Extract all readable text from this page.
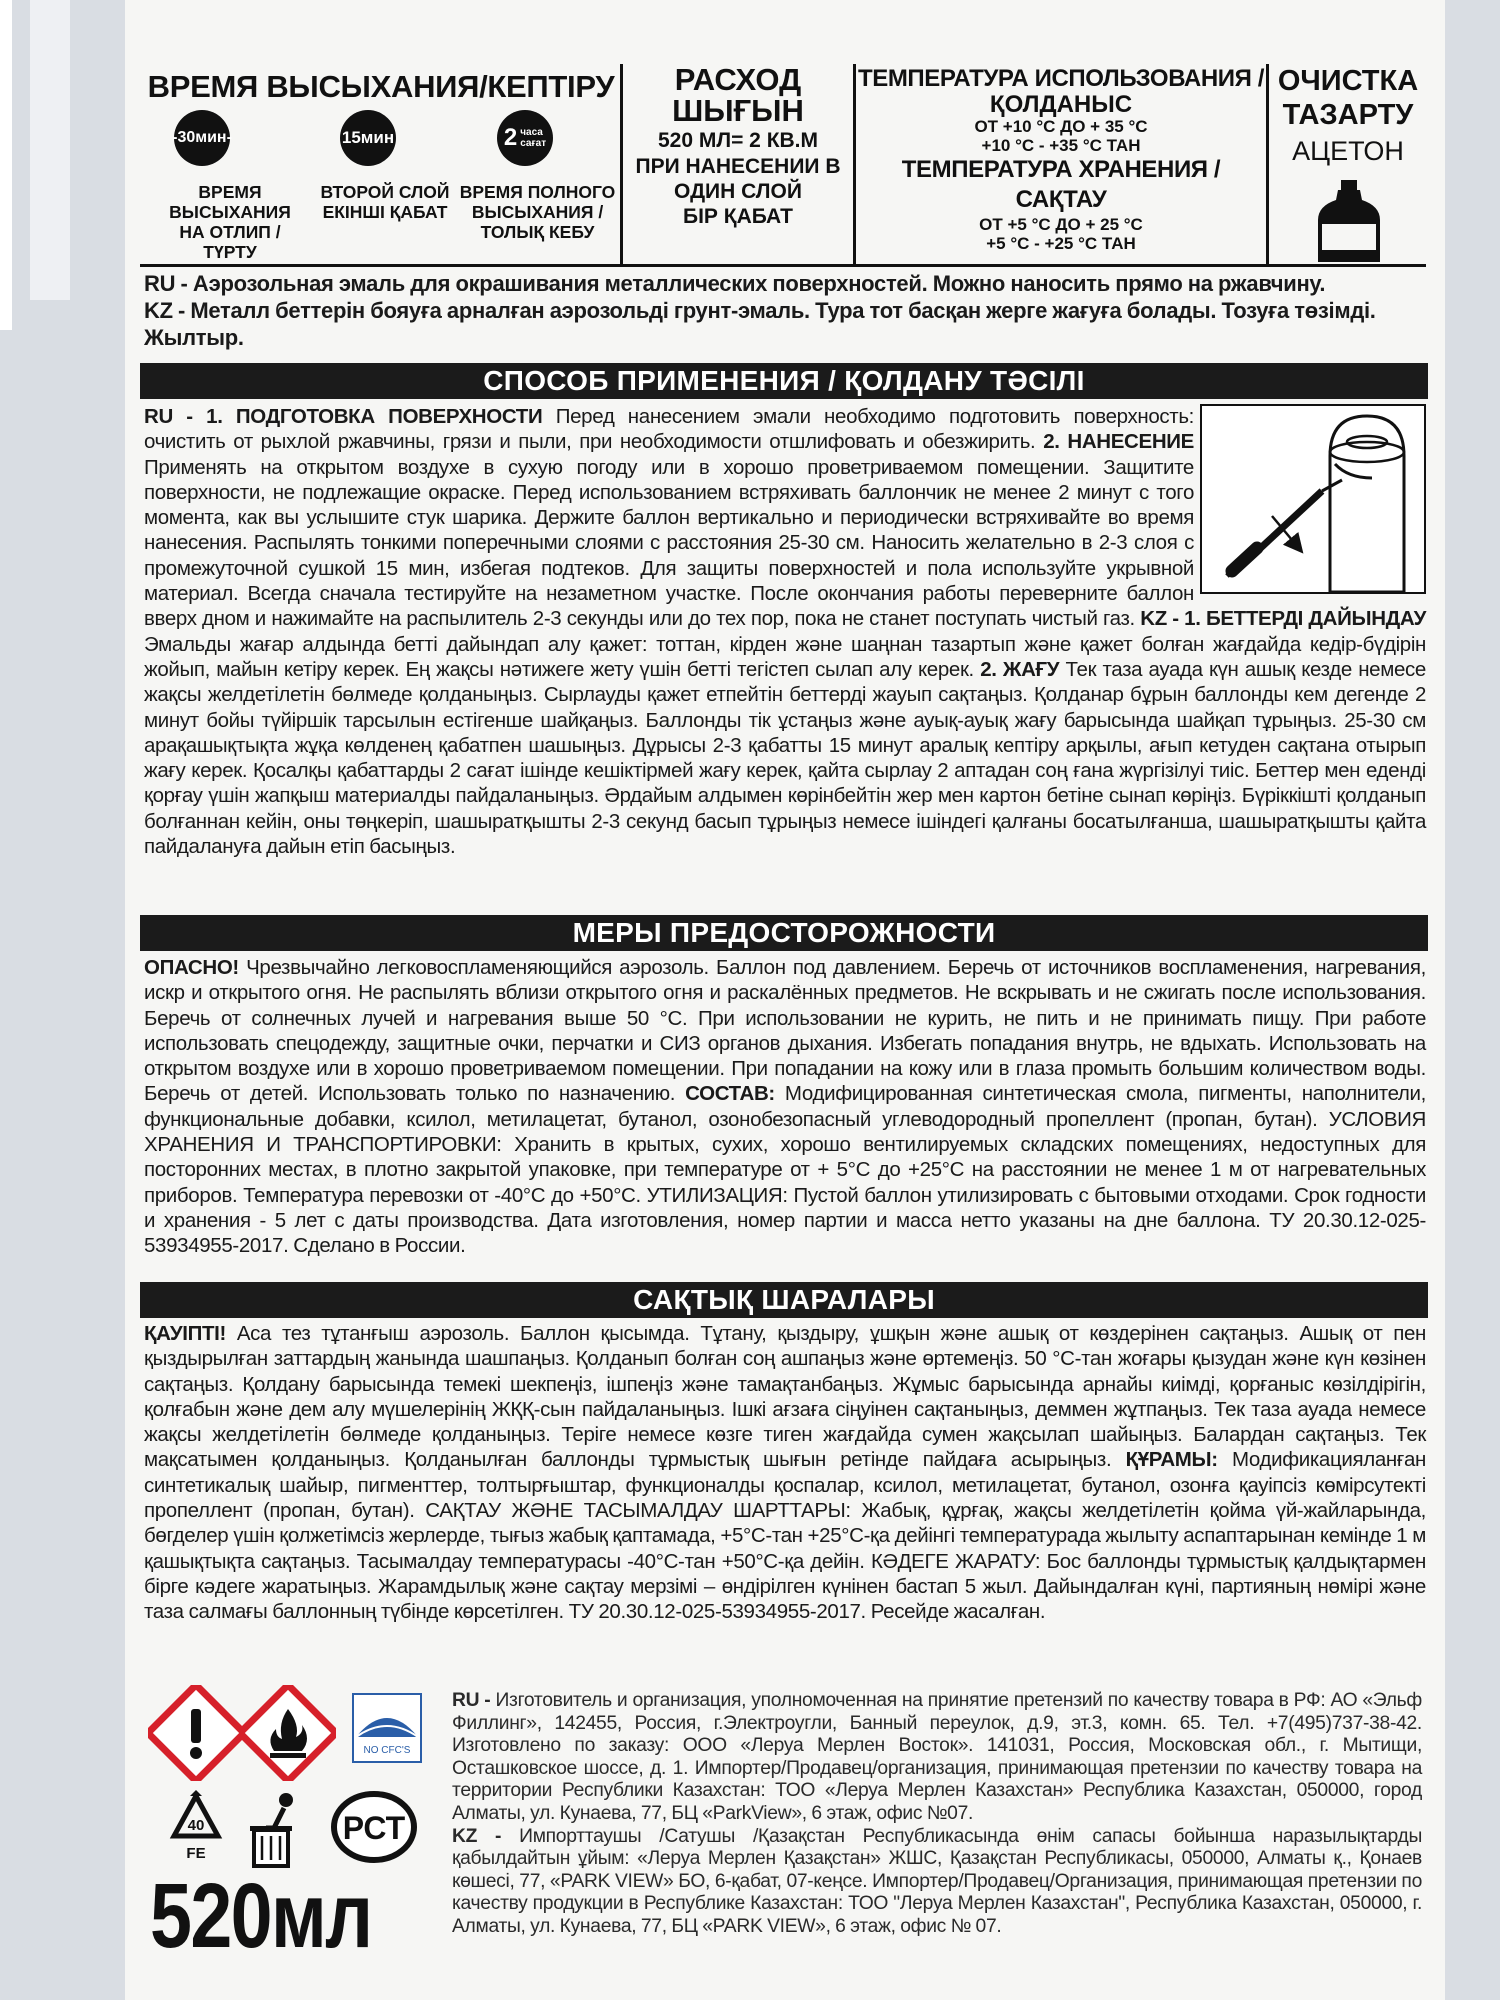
ВРЕМЯ ВЫСЫХАНИЯ/КЕПТІРУ
-30мин-	15мин	2 часа
сағат
ВРЕМЯ ВЫСЫХАНИЯ
НА ОТЛИП /
ТҮРТУ
ВТОРОЙ СЛОЙ
ЕКІНШІ ҚАБАТ
ВРЕМЯ ПОЛНОГО
ВЫСЫХАНИЯ /
ТОЛЫҚ КЕБУ
РАСХОД
ШЫҒЫН
520 МЛ= 2 КВ.М
ПРИ НАНЕСЕНИИ В
ОДИН СЛОЙ
БІР ҚАБАТ
ТЕМПЕРАТУРА ИСПОЛЬЗОВАНИЯ /
ҚОЛДАНЫС
ОТ +10 °С ДО + 35 °С
+10 °С - +35 °С ТАН
ТЕМПЕРАТУРА ХРАНЕНИЯ / САҚТАУ
ОТ +5 °С ДО + 25 °С
+5 °С - +25 °С ТАН
ОЧИСТКА
ТАЗАРТУ
АЦЕТОН
RU - Аэрозольная эмаль для окрашивания металлических поверхностей. Можно наносить прямо на ржавчину.
KZ - Металл беттерін бояуға арналған аэрозольді грунт-эмаль. Тура тот басқан жерге жағуға болады. Тозуға төзімді. Жылтыр.
СПОСОБ ПРИМЕНЕНИЯ / ҚОЛДАНУ ТӘСІЛІ
RU - 1. ПОДГОТОВКА ПОВЕРХНОСТИ Перед нанесением эмали необходимо подготовить поверхность: очистить от рыхлой ржавчины, грязи и пыли, при необходимости отшлифовать и обезжирить. 2. НАНЕСЕНИЕ Применять на открытом воздухе в сухую погоду или в хорошо проветриваемом помещении. Защитите поверхности, не подлежащие окраске. Перед использованием встряхивать баллончик не менее 2 минут с того момента, как вы услышите стук шарика. Держите баллон вертикально и периодически встряхивайте во время нанесения. Распылять тонкими поперечными слоями с расстояния 25-30 см. Наносить желательно в 2-3 слоя с промежуточной сушкой 15 мин, избегая подтеков. Для защиты поверхностей и пола используйте укрывной материал. Всегда сначала тестируйте на незаметном участке. После окончания работы переверните баллон вверх дном и нажимайте на распылитель 2-3 секунды или до тех пор, пока не станет поступать чистый газ. KZ - 1. БЕТТЕРДІ ДАЙЫНДАУ Эмальды жағар алдында бетті дайындап алу қажет: тоттан, кірден және шаңнан тазартып және қажет болған жағдайда кедір-бүдірін жойып, майын кетіру керек. Ең жақсы нәтижеге жету үшін бетті тегістеп сылап алу керек. 2. ЖАҒУ Тек таза ауада күн ашық кезде немесе жақсы желдетілетін бөлмеде қолданыңыз. Сырлауды қажет етпейтін беттерді жауып сақтаңыз. Қолданар бұрын баллонды кем дегенде 2 минут бойы түйіршік тарсылын естігенше шайқаңыз. Баллонды тік ұстаңыз және ауық-ауық жағу барысында шайқап тұрыңыз. 25-30 см арақашықтықта жұқа көлденең қабатпен шашыңыз. Дұрысы 2-3 қабатты 15 минут аралық кептіру арқылы, ағып кетуден сақтана отырып жағу керек. Қосалқы қабаттарды 2 сағат ішінде кешіктірмей жағу керек, қайта сырлау 2 аптадан соң ғана жүргізілуі тиіс. Беттер мен еденді қорғау үшін жапқыш материалды пайдаланыңыз. Әрдайым алдымен көрінбейтін жер мен картон бетіне сынап көріңіз. Бүріккішті қолданып болғаннан кейін, оны төңкеріп, шашыратқышты 2-3 секунд басып тұрыңыз немесе ішіндегі қалғаны босатылғанша, шашыратқышты қайта пайдалануға дайын етіп басыңыз.
МЕРЫ ПРЕДОСТОРОЖНОСТИ
ОПАСНО! Чрезвычайно легковоспламеняющийся аэрозоль. Баллон под давлением. Беречь от источников воспламенения, нагревания, искр и открытого огня. Не распылять вблизи открытого огня и раскалённых предметов. Не вскрывать и не сжигать после использования. Беречь от солнечных лучей и нагревания выше 50 °С. При использовании не курить, не пить и не принимать пищу. При работе использовать спецодежду, защитные очки, перчатки и СИЗ органов дыхания. Избегать попадания внутрь, не вдыхать. Использовать на открытом воздухе или в хорошо проветриваемом помещении. При попадании на кожу или в глаза промыть большим количеством воды. Беречь от детей. Использовать только по назначению. СОСТАВ: Модифицированная синтетическая смола, пигменты, наполнители, функциональные добавки, ксилол, метилацетат, бутанол, озонобезопасный углеводородный пропеллент (пропан, бутан). УСЛОВИЯ ХРАНЕНИЯ И ТРАНСПОРТИРОВКИ: Хранить в крытых, сухих, хорошо вентилируемых складских помещениях, недоступных для посторонних местах, в плотно закрытой упаковке, при температуре от + 5°С до +25°С на расстоянии не менее 1 м от нагревательных приборов. Температура перевозки от -40°С до +50°С. УТИЛИЗАЦИЯ: Пустой баллон утилизировать с бытовыми отходами. Срок годности и хранения - 5 лет с даты производства. Дата изготовления, номер партии и масса нетто указаны на дне баллона. ТУ 20.30.12-025-53934955-2017. Сделано в России.
САҚТЫҚ ШАРАЛАРЫ
ҚАУІПТІ! Аса тез тұтанғыш аэрозоль. Баллон қысымда. Тұтану, қыздыру, ұшқын және ашық от көздерінен сақтаңыз. Ашық от пен қыздырылған заттардың жанында шашпаңыз. Қолданып болған соң ашпаңыз және өртемеңіз. 50 °С-тан жоғары қызудан және күн көзінен сақтаңыз. Қолдану барысында темекі шекпеңіз, ішпеңіз және тамақтанбаңыз. Жұмыс барысында арнайы киімді, қорғаныс көзілдірігін, қолғабын және дем алу мүшелерінің ЖҚҚ-сын пайдаланыңыз. Ішкі ағзаға сіңуінен сақтаныңыз, деммен жұтпаңыз. Тек таза ауада немесе жақсы желдетілетін бөлмеде қолданыңыз. Теріге немесе көзге тиген жағдайда сумен жақсылап шайыңыз. Балардан сақтаңыз. Тек мақсатымен қолданыңыз. Қолданылған баллонды тұрмыстық шығын ретінде пайдаға асырыңыз. ҚҰРАМЫ: Модификацияланған синтетикалық шайыр, пигменттер, толтырғыштар, функционалды қоспалар, ксилол, метилацетат, бутанол, озонға қауіпсіз көмірсутекті пропеллент (пропан, бутан). САҚТАУ ЖӘНЕ ТАСЫМАЛДАУ ШАРТТАРЫ: Жабық, құрғақ, жақсы желдетілетін қойма үй-жайларында, бөгделер үшін қолжетімсіз жерлерде, тығыз жабық қаптамада, +5°С-тан +25°С-қа дейінгі температурада жылыту аспаптарынан кемінде 1 м қашықтықта сақтаңыз. Тасымалдау температурасы -40°С-тан +50°С-қа дейін. КӘДЕГЕ ЖАРАТУ: Бос баллонды тұрмыстық қалдықтармен бірге кәдеге жаратыңыз. Жарамдылық және сақтау мерзімі – өндірілген күнінен бастап 5 жыл. Дайындалған күні, партияның нөмірі және таза салмағы баллонның түбінде көрсетілген. ТУ 20.30.12-025-53934955-2017. Ресейде жасалған.
NO CFC'S
40
FE
РСТ
520мл
RU - Изготовитель и организация, уполномоченная на принятие претензий по качеству товара в РФ: АО «Эльф Филлинг», 142455, Россия, г.Электроугли, Банный переулок, д.9, эт.3, комн. 65. Тел. +7(495)737-38-42. Изготовлено по заказу: ООО «Леруа Мерлен Восток». 141031, Россия, Московская обл., г. Мытищи, Осташковское шоссе, д. 1. Импортер/Продавец/организация, принимающая претензии по качеству товара на территории Республики Казахстан: ТОО «Леруа Мерлен Казахстан» Республика Казахстан, 050000, город Алматы, ул. Кунаева, 77, БЦ «ParkView», 6 этаж, офис №07.
KZ - Импорттаушы /Сатушы /Қазақстан Республикасында өнім сапасы бойынша наразылықтарды қабылдайтын ұйым: «Леруа Мерлен Қазақстан» ЖШС, Қазақстан Республикасы, 050000, Алматы қ., Қонаев көшесі, 77, «PARK VIEW» БО, 6-қабат, 07-кеңсе. Импортер/Продавец/Организация, принимающая претензии по качеству продукции в Республике Казахстан: ТОО "Леруа Мерлен Казахстан", Республика Казахстан, 050000, г. Алматы, ул. Кунаева, 77, БЦ «PARK VIEW», 6 этаж, офис № 07.
